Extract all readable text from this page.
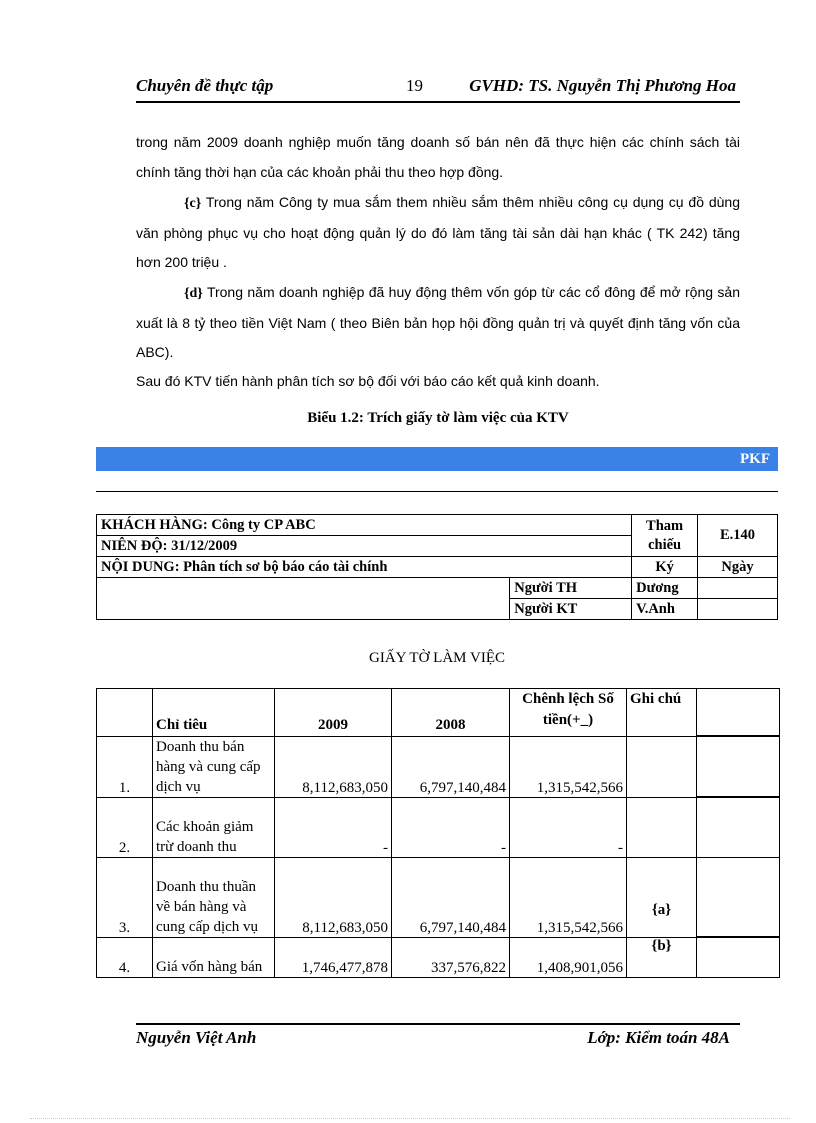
Chuyên đề thực tập	19	GVHD: TS. Nguyễn Thị Phương Hoa
trong năm 2009 doanh nghiệp muốn tăng doanh số bán nên đã thực hiện các chính sách tài chính tăng thời hạn của các khoản phải thu theo hợp đồng.
{c} Trong năm Công ty mua sắm them nhiều sắm thêm nhiều công cụ dụng cụ đồ dùng văn phòng phục vụ cho hoạt động quản lý do đó làm tăng tài sản dài hạn khác ( TK 242) tăng hơn 200 triệu .
{d} Trong năm doanh nghiệp đã huy động thêm vốn góp từ các cổ đông để mở rộng sản xuất là 8 tỷ theo tiền Việt Nam ( theo Biên bản họp hội đồng quản trị và quyết định tăng vốn của ABC).
Sau đó KTV tiến hành phân tích sơ bộ đối với báo cáo kết quả kinh doanh.
Biểu 1.2: Trích giấy tờ làm việc của KTV
PKF
KHÁCH HÀNG: Công ty CP ABC		Tham chiếu	E.140
NIÊN ĐỘ: 31/12/2009			
NỘI DUNG: Phân tích sơ bộ báo cáo tài chính		Ký	Ngày
	Người TH	Dương	
	Người KT	V.Anh	
GIẤY TỜ LÀM VIỆC
	Chỉ tiêu	2009	2008	Chênh lệch Số tiền(+_)	Ghi chú	

1.	Doanh thu bán hàng và cung cấp dịch vụ	8,112,683,050	6,797,140,484	1,315,542,566		

2.	Các khoản giảm trừ doanh thu	-	-	-		
3.	Doanh thu thuần về bán hàng và cung cấp dịch vụ	8,112,683,050	6,797,140,484	1,315,542,566	{a}	

4.	Giá vốn hàng bán	1,746,477,878	337,576,822	1,408,901,056	{b}	
Nguyễn Việt Anh	Lớp: Kiểm toán 48A
